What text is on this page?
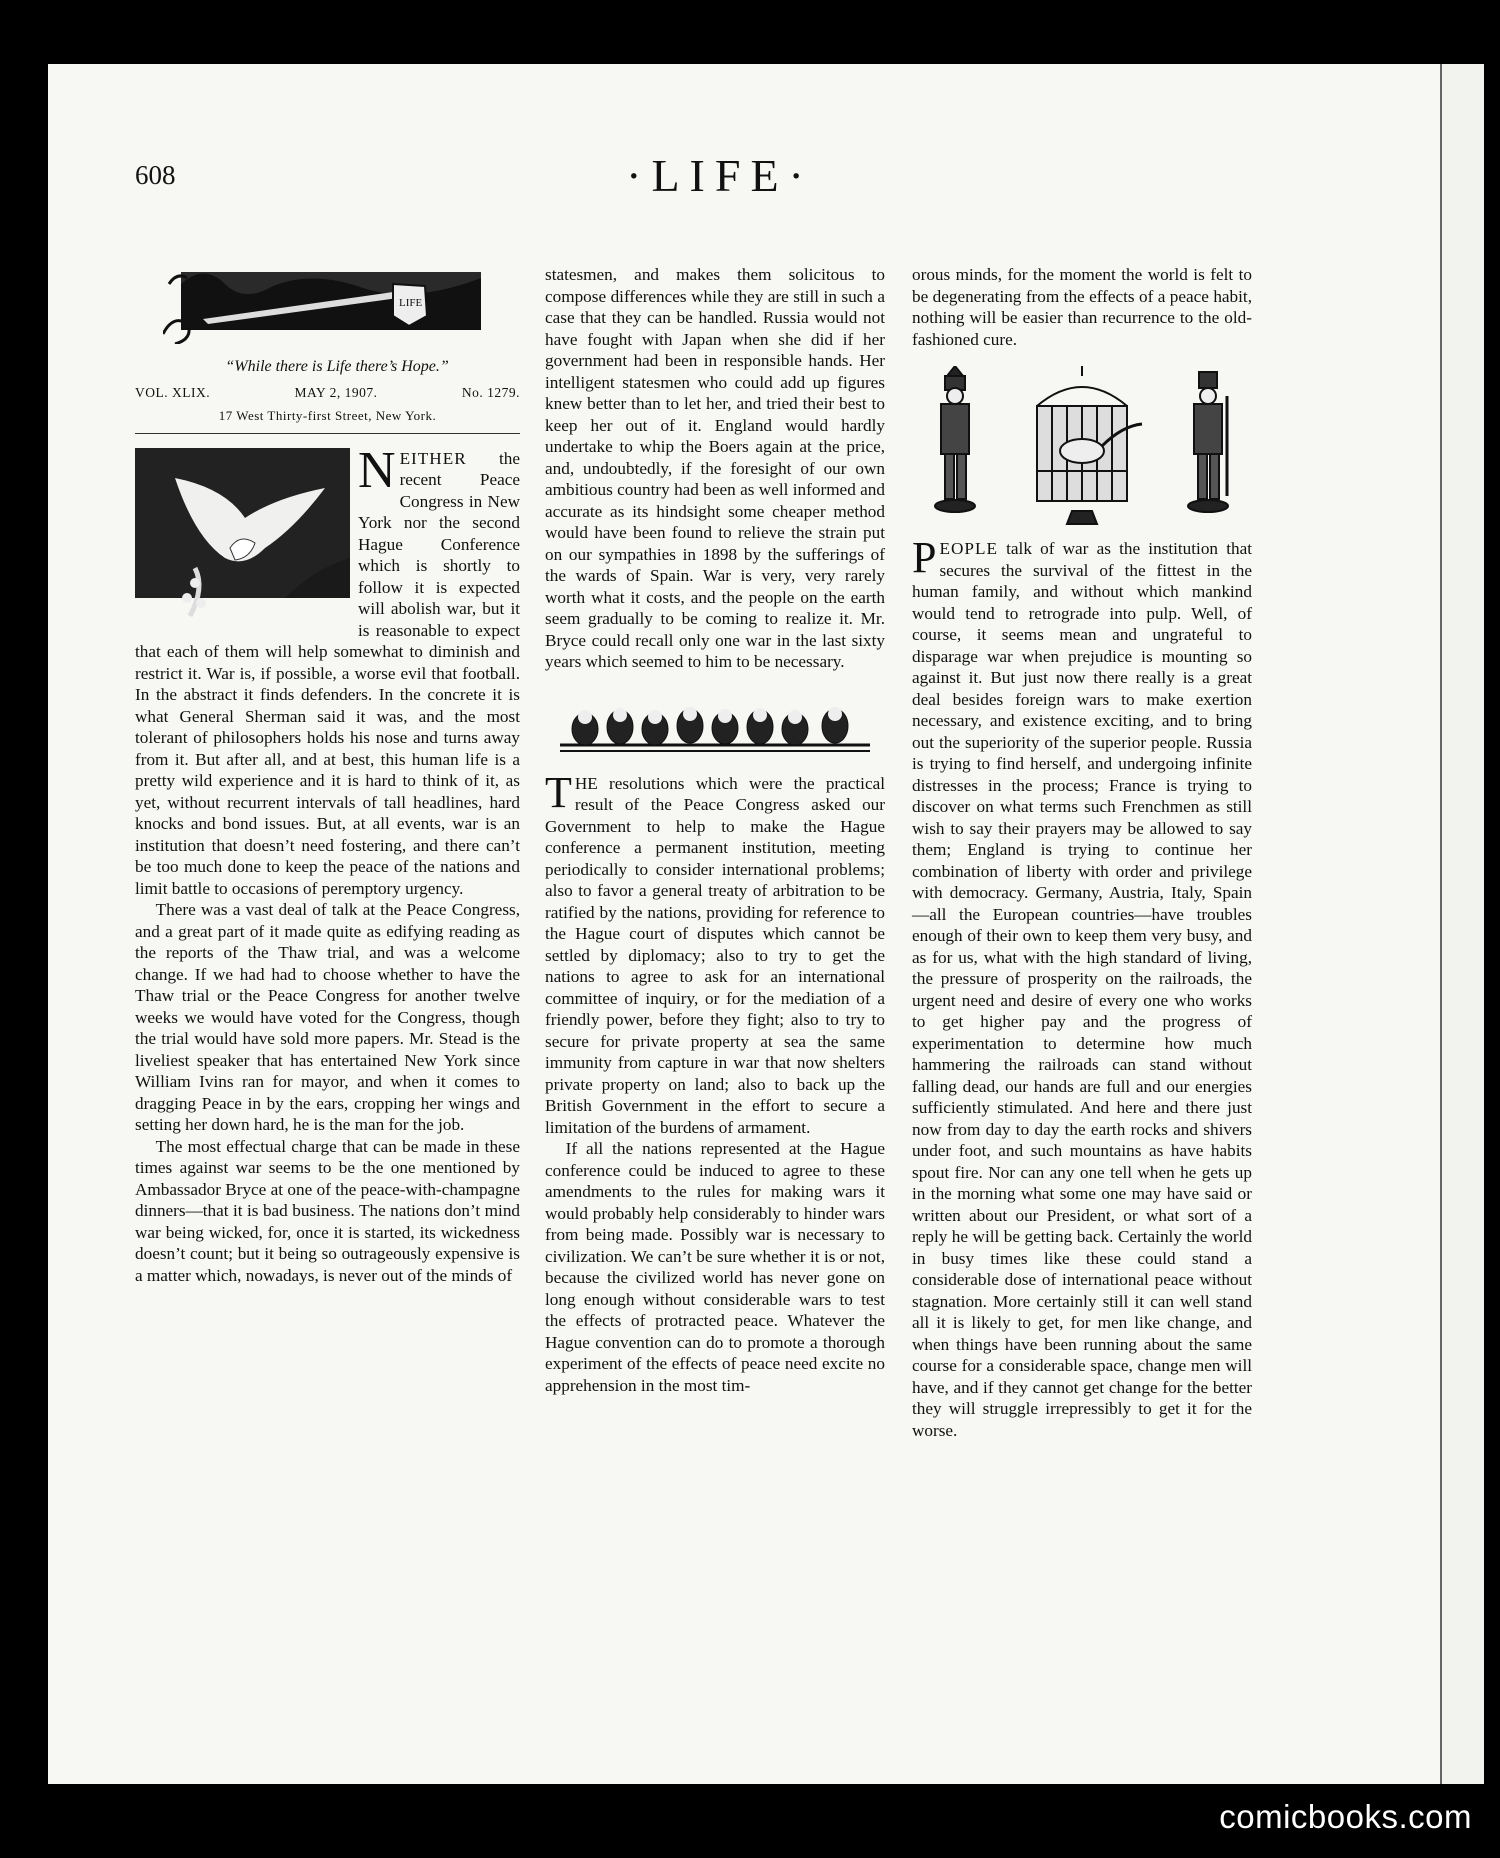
608	·LIFE·
LIFE

“While there is Life there’s Hope.”

VOL. XLIX.	MAY 2, 1907.	No. 1279.
17 West Thirty-first Street, New York.

NEITHER the recent Peace Congress in New York nor the second Hague Conference which is shortly to follow it is expected will abolish war, but it is reasonable to expect that each of them will help somewhat to diminish and restrict it. War is, if possible, a worse evil that football. In the abstract it finds defenders. In the concrete it is what General Sherman said it was, and the most tolerant of philosophers holds his nose and turns away from it. But after all, and at best, this human life is a pretty wild experience and it is hard to think of it, as yet, without recurrent intervals of tall headlines, hard knocks and bond issues. But, at all events, war is an institution that doesn’t need fostering, and there can’t be too much done to keep the peace of the nations and limit battle to occasions of peremptory urgency.

There was a vast deal of talk at the Peace Congress, and a great part of it made quite as edifying reading as the reports of the Thaw trial, and was a welcome change. If we had had to choose whether to have the Thaw trial or the Peace Congress for another twelve weeks we would have voted for the Congress, though the trial would have sold more papers. Mr. Stead is the liveliest speaker that has entertained New York since William Ivins ran for mayor, and when it comes to dragging Peace in by the ears, cropping her wings and setting her down hard, he is the man for the job.

The most effectual charge that can be made in these times against war seems to be the one mentioned by Ambassador Bryce at one of the peace-with-champagne dinners—that it is bad business. The nations don’t mind war being wicked, for, once it is started, its wickedness doesn’t count; but it being so outrageously expensive is a matter which, nowadays, is never out of the minds of

statesmen, and makes them solicitous to compose differences while they are still in such a case that they can be handled. Russia would not have fought with Japan when she did if her government had been in responsible hands. Her intelligent statesmen who could add up figures knew better than to let her, and tried their best to keep her out of it. England would hardly undertake to whip the Boers again at the price, and, undoubtedly, if the foresight of our own ambitious country had been as well informed and accurate as its hindsight some cheaper method would have been found to relieve the strain put on our sympathies in 1898 by the sufferings of the wards of Spain. War is very, very rarely worth what it costs, and the people on the earth seem gradually to be coming to realize it. Mr. Bryce could recall only one war in the last sixty years which seemed to him to be necessary.

THE resolutions which were the practical result of the Peace Congress asked our Government to help to make the Hague conference a permanent institution, meeting periodically to consider international problems; also to favor a general treaty of arbitration to be ratified by the nations, providing for reference to the Hague court of disputes which cannot be settled by diplomacy; also to try to get the nations to agree to ask for an international committee of inquiry, or for the mediation of a friendly power, before they fight; also to try to secure for private property at sea the same immunity from capture in war that now shelters private property on land; also to back up the British Government in the effort to secure a limitation of the burdens of armament.

If all the nations represented at the Hague conference could be induced to agree to these amendments to the rules for making wars it would probably help considerably to hinder wars from being made. Possibly war is necessary to civilization. We can’t be sure whether it is or not, because the civilized world has never gone on long enough without considerable wars to test the effects of protracted peace. Whatever the Hague convention can do to promote a thorough experiment of the effects of peace need excite no apprehension in the most tim-

orous minds, for the moment the world is felt to be degenerating from the effects of a peace habit, nothing will be easier than recurrence to the old-fashioned cure.

PEOPLE talk of war as the institution that secures the survival of the fittest in the human family, and without which mankind would tend to retrograde into pulp. Well, of course, it seems mean and ungrateful to disparage war when prejudice is mounting so against it. But just now there really is a great deal besides foreign wars to make exertion necessary, and existence exciting, and to bring out the superiority of the superior people. Russia is trying to find herself, and undergoing infinite distresses in the process; France is trying to discover on what terms such Frenchmen as still wish to say their prayers may be allowed to say them; England is trying to continue her combination of liberty with order and privilege with democracy. Germany, Austria, Italy, Spain—all the European countries—have troubles enough of their own to keep them very busy, and as for us, what with the high standard of living, the pressure of prosperity on the railroads, the urgent need and desire of every one who works to get higher pay and the progress of experimentation to determine how much hammering the railroads can stand without falling dead, our hands are full and our energies sufficiently stimulated. And here and there just now from day to day the earth rocks and shivers under foot, and such mountains as have habits spout fire. Nor can any one tell when he gets up in the morning what some one may have said or written about our President, or what sort of a reply he will be getting back. Certainly the world in busy times like these could stand a considerable dose of international peace without stagnation. More certainly still it can well stand all it is likely to get, for men like change, and when things have been running about the same course for a considerable space, change men will have, and if they cannot get change for the better they will struggle irrepressibly to get it for the worse.

comicbooks.com
